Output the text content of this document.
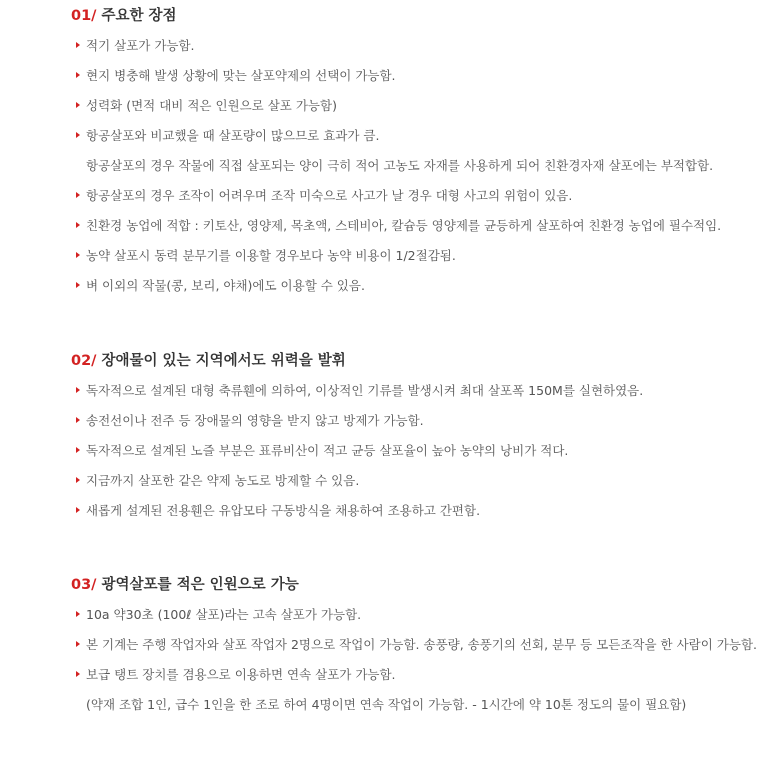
01/ 주요한 장점
적기 살포가 가능함.
현지 병충해 발생 상황에 맞는 살포약제의 선택이 가능함.
성력화 (면적 대비 적은 인원으로 살포 가능함)
항공살포와 비교했을 때 살포량이 많으므로 효과가 큼.
항공살포의 경우 작물에 직접 살포되는 양이 극히 적어 고농도 자재를 사용하게 되어 친환경자재 살포에는 부적합함.
항공살포의 경우 조작이 어려우며 조작 미숙으로 사고가 날 경우 대형 사고의 위험이 있음.
친환경 농업에 적합 : 키토산, 영양제, 목초액, 스테비아, 칼슘등 영양제를 균등하게 살포하여 친환경 농업에 필수적임.
농약 살포시 동력 분무기를 이용할 경우보다 농약 비용이 1/2절감됨.
벼 이외의 작물(콩, 보리, 야채)에도 이용할 수 있음.
02/ 장애물이 있는 지역에서도 위력을 발휘
독자적으로 설계된 대형 축류휀에 의하여, 이상적인 기류를 발생시켜 최대 살포폭 150M를 실현하였음.
송전선이나 전주 등 장애물의 영향을 받지 않고 방제가 가능함.
독자적으로 설계된 노즐 부분은 표류비산이 적고 균등 살포율이 높아 농약의 낭비가 적다.
지금까지 살포한 같은 약제 농도로 방제할 수 있음.
새롭게 설계된 전용휀은 유압모타 구동방식을 채용하여 조용하고 간편함.
03/ 광역살포를 적은 인원으로 가능
10a 약30초 (100ℓ 살포)라는 고속 살포가 가능함.
본 기계는 주행 작업자와 살포 작업자 2명으로 작업이 가능함. 송풍량, 송풍기의 선회, 분무 등 모든조작을 한 사람이 가능함.
보급 탱트 장치를 겸용으로 이용하면 연속 살포가 가능함.
(약재 조합 1인, 급수 1인을 한 조로 하여 4명이면 연속 작업이 가능함. - 1시간에 약 10톤 정도의 물이 필요함)
